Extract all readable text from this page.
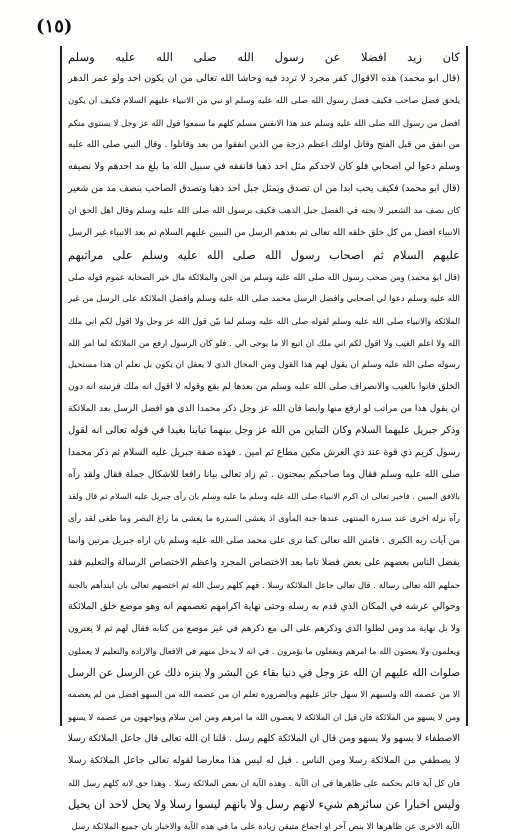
(١٥)
كان زيد افضلا عن رسول الله صلى الله عليه وسلم
(قال ابو محمد) هذه الاقوال كفر مجرد لا تردد فيه وحاشا الله تعالى من ان يكون احد ولو عمر الدهر
يلحق فضل صاحب فكيف فضل رسول الله صلى الله عليه وسلم او نبي من الانبياء عليهم السلام فكيف ان يكون
افضل من رسول الله صلى الله عليه وسلم عند هذا الانفس مسلم كلهم ما سمعوا قول الله عز وجل لا يستوي منكم
من انفق من قبل الفتح وقاتل اولئك اعظم درجة من الذين انفقوا من بعد وقاتلوا . وقال النبي صلى الله عليه
وسلم دعوا لي اصحابي فلو كان لاحدكم مثل احد ذهبا فانفقه في سبيل الله ما بلغ مد احدهم ولا نصيفه
(قال ابو محمد) فكيف يحب ابدا من ان تصدق ويمثل جبل احد ذهبا وتصدق الصاحب بنصف مد من شعير
كان نصف مد الشعير لا بحته في الفضل جبل الذهب فكيف برسول الله صلى الله عليه وسلم وقال اهل الحق ان
الانبياء افضل من كل خلق خلقه الله تعالى ثم بعدهم الرسل من النبيين عليهم السلام ثم بعد الانبياء غير الرسل
عليهم السلام ثم اصحاب رسول الله صلى الله عليه وسلم على مراتبهم
(قال ابو محمد) ومن صحب رسول الله صلى الله عليه وسلم من الجن والملائكة مال خير الصحابة عموم قوله صلى
الله عليه وسلم دعوا لي اصحابي وافضل الرسل محمد صلى الله عليه وسلم وافضل الملائكة على الرسل من غير
الملائكة والانبياء صلى الله عليه وسلم لقوله صلى الله عليه وسلم لما بيّن قول الله عز وجل ولا اقول لكم اني ملك
الله ولا اعلم الغيب ولا اقول لكم اني ملك ان اتبع الا ما يوحى الي . فلو كان الرسول ارفع من الملائكة لما امر الله
رسوله صلى الله عليه وسلم ان يقول لهم هذا القول ومن المحال الذي لا يعقل ان يكون بل نعلم ان هذا مستحيل
الخلق فاتوا بالغيب والانصراف صلى الله عليه وسلم من بعدها لم يقع وقوله لا اقول انه ملك فرتبته انه دون
ان يقول هذا من مراتب لو ارفع منها وايضا فان الله عز وجل ذكر محمدا الذي هو افضل الرسل بعد الملائكة
وذكر جبريل عليهما السلام وكان التباين من الله عز وجل بينهما تباينا بعيدا في قوله تعالى انه لقول
رسول كريم ذي قوة عند ذي العرش مكين مطاع ثم امين . فهذه صفة جبريل عليه السلام ثم ذكر محمدا
صلى الله عليه وسلم فقال وما صاحبكم بمجنون . ثم زاد تعالى بيانا رافعا للاشكال جملة فقال ولقد رآه
بالافق المبين . فاخبر تعالى ان اكرم الانبياء صلى الله عليه وسلم ما عليه وسلم بان رأى جبريل عليه السلام ثم قال ولقد
رآه نزلة اخرى عند سدرة المنتهى عندها جنة المأوى اذ يغشى السدرة ما يغشى ما زاغ البصر وما طغى لقد رأى
من آيات ربه الكبرى . فامتن الله تعالى كما ترى على محمد صلى الله عليه وسلم بان اراه جبريل مرتين وانما
يفضل الناس بعضهم على بعض فضلا تاما بعد الاختصاص المجرد واعظم الاختصاص الرسالة والتعليم فقد
حملهم الله تعالى رسالة . قال تعالى جاعل الملائكة رسلا . فهم كلهم رسل الله ثم اختصهم تعالى بان ابتدأهم بالجنة
وحوالي عرشه في المكان الذي قدم به رسله وحتى نهاية اكرامهم تعصمهم انه وهو موضع خلق الملائكة
ولا بل نهاية مد ومن لطلوا الذي وذكرهم على الى مع ذكرهم في غير موضع من كتابه فقال لهم ثم لا يعترون
ويعلمون ولا يعصون الله ما امرهم ويفعلون ما يؤمرون . في انه لا يدخل منهم في الافعال والارادة والتعليم لا يعملون
صلوات الله عليهم ان الله عز وجل في دنيا بقاء عن البشر ولا ينزه ذلك عن الرسل عن الرسل
الا من عصمه الله ولسيهم الا سهل جائز عليهم وبالضرورة تعلم ان من عصمه الله من السهو افضل من لم يعصمه
ومن لا يسهو من الملائكة فان قيل ان الملائكة لا يعصون الله ما امرهم ومن امن سلام ويواجهون من عصمه لا يسهو
الاصطفاء لا يسهو ولا يسهو ومن قال ان الملائكة كلهم رسل . قلنا ان الله تعالى قال جاعل الملائكة رسلا
لا يصطفي من الملائكة رسلا ومن الناس . قيل له ليس هذا معارضا لقوله تعالى جاعل الملائكة رسلا
فان كل آية قائم بحكمه على ظاهرها في ان الآية . وهذه الآية ان بعض الملائكة رسلا . وهذا حق لانه كلهم رسل الله
وليس اخبارا عن سائرهم شيء لانهم رسل ولا بانهم ليسوا رسلا ولا يحل لاحد ان يحيل
الآية الاخرى عن ظاهرها الا بنص آخر او اجماع متيقن زيادة على ما في هذه الآية والاخبار بان جميع الملائكة رسل
